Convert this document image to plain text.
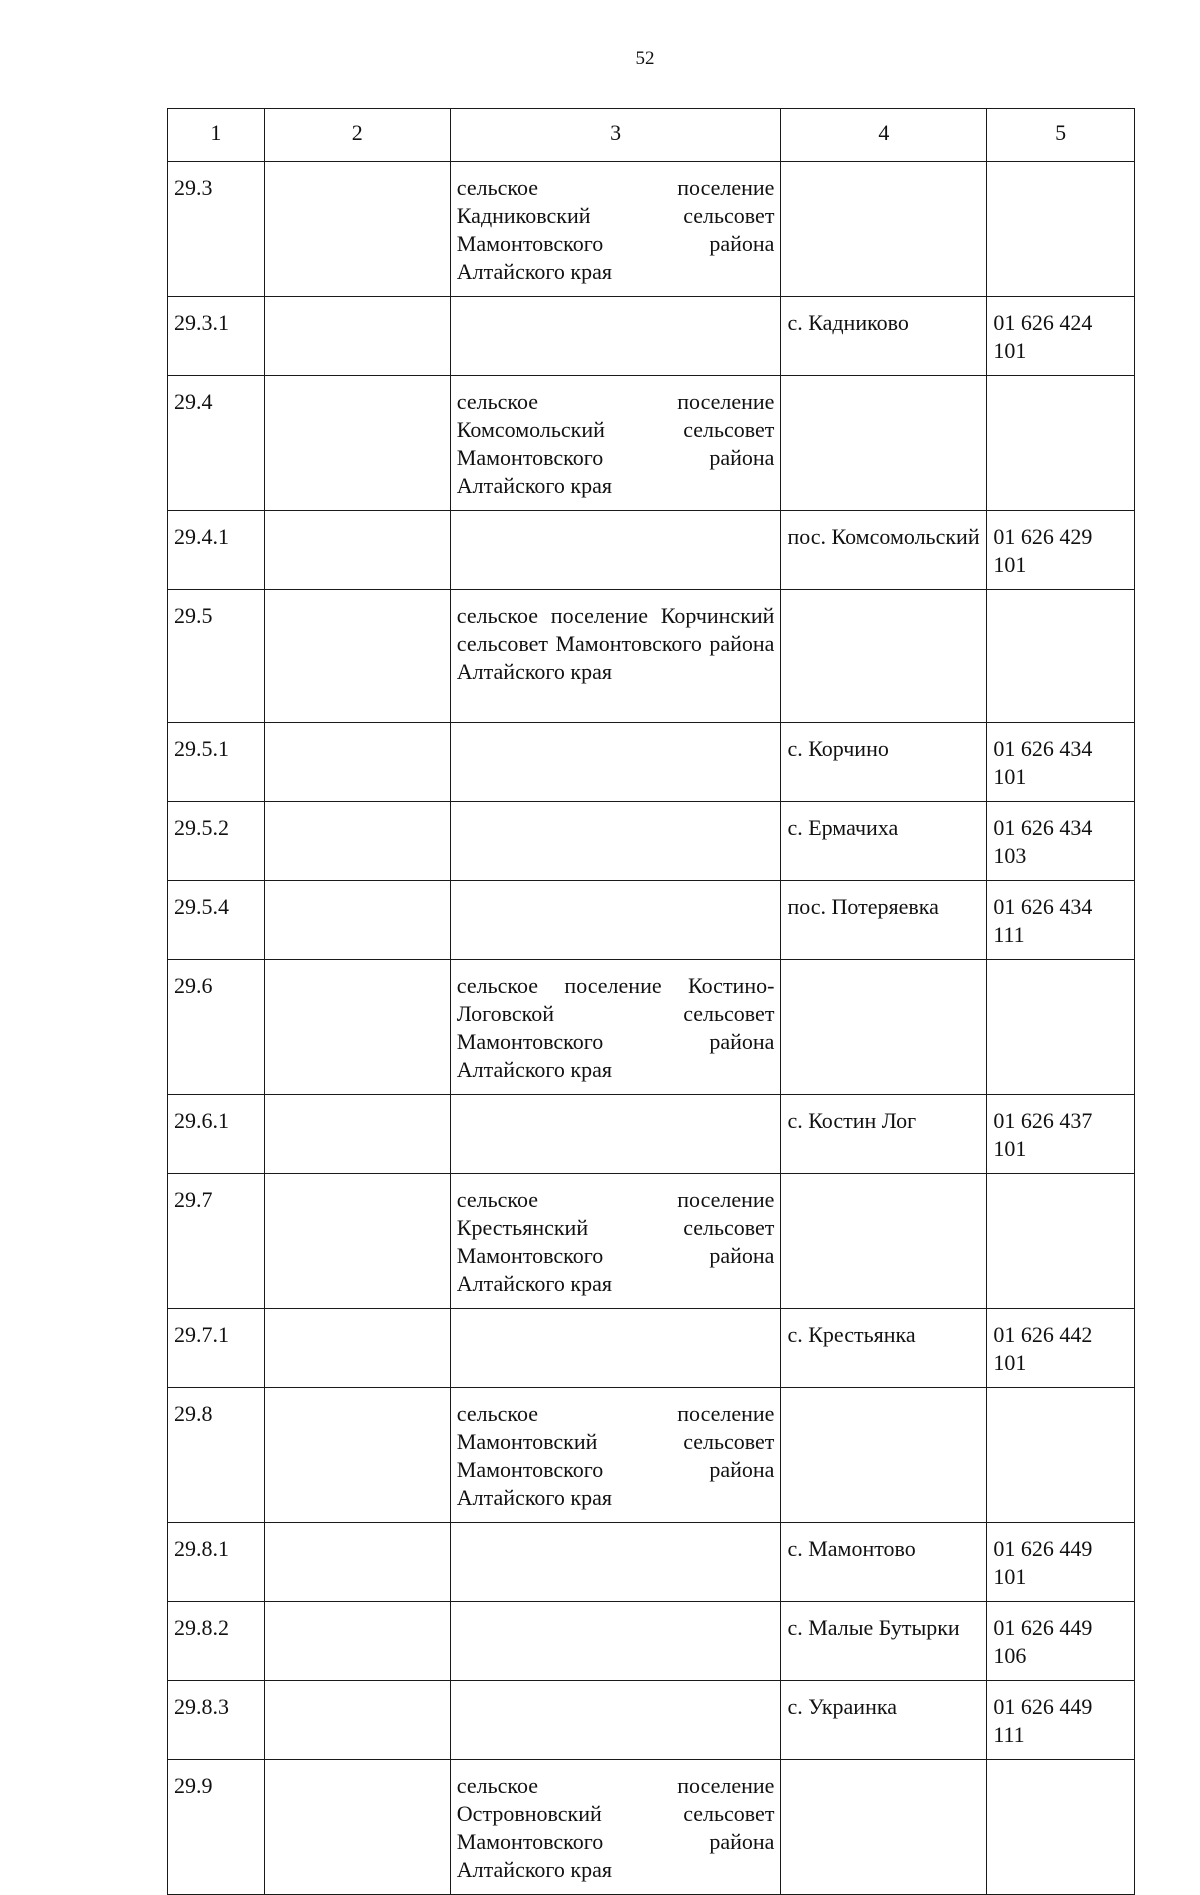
52
1	2	3	4	5
29.3		сельское поселение Кадниковский сельсовет Мамонтовского района Алтайского края		
29.3.1			с. Кадниково	01 626 424 101
29.4		сельское поселение Комсомольский сельсовет Мамонтовского района Алтайского края		
29.4.1			пос. Комсомольский	01 626 429 101
29.5		сельское поселение Корчинский сельсовет Мамонтовского района Алтайского края		
29.5.1			с. Корчино	01 626 434 101
29.5.2			с. Ермачиха	01 626 434 103
29.5.4			пос. Потеряевка	01 626 434 111
29.6		сельское поселение Костино-Логовской сельсовет Мамонтовского района Алтайского края		
29.6.1			с. Костин Лог	01 626 437 101
29.7		сельское поселение Крестьянский сельсовет Мамонтовского района Алтайского края		
29.7.1			с. Крестьянка	01 626 442 101
29.8		сельское поселение Мамонтовский сельсовет Мамонтовского района Алтайского края		
29.8.1			с. Мамонтово	01 626 449 101
29.8.2			с. Малые Бутырки	01 626 449 106
29.8.3			с. Украинка	01 626 449 111
29.9		сельское поселение Островновский сельсовет Мамонтовского района Алтайского края		
